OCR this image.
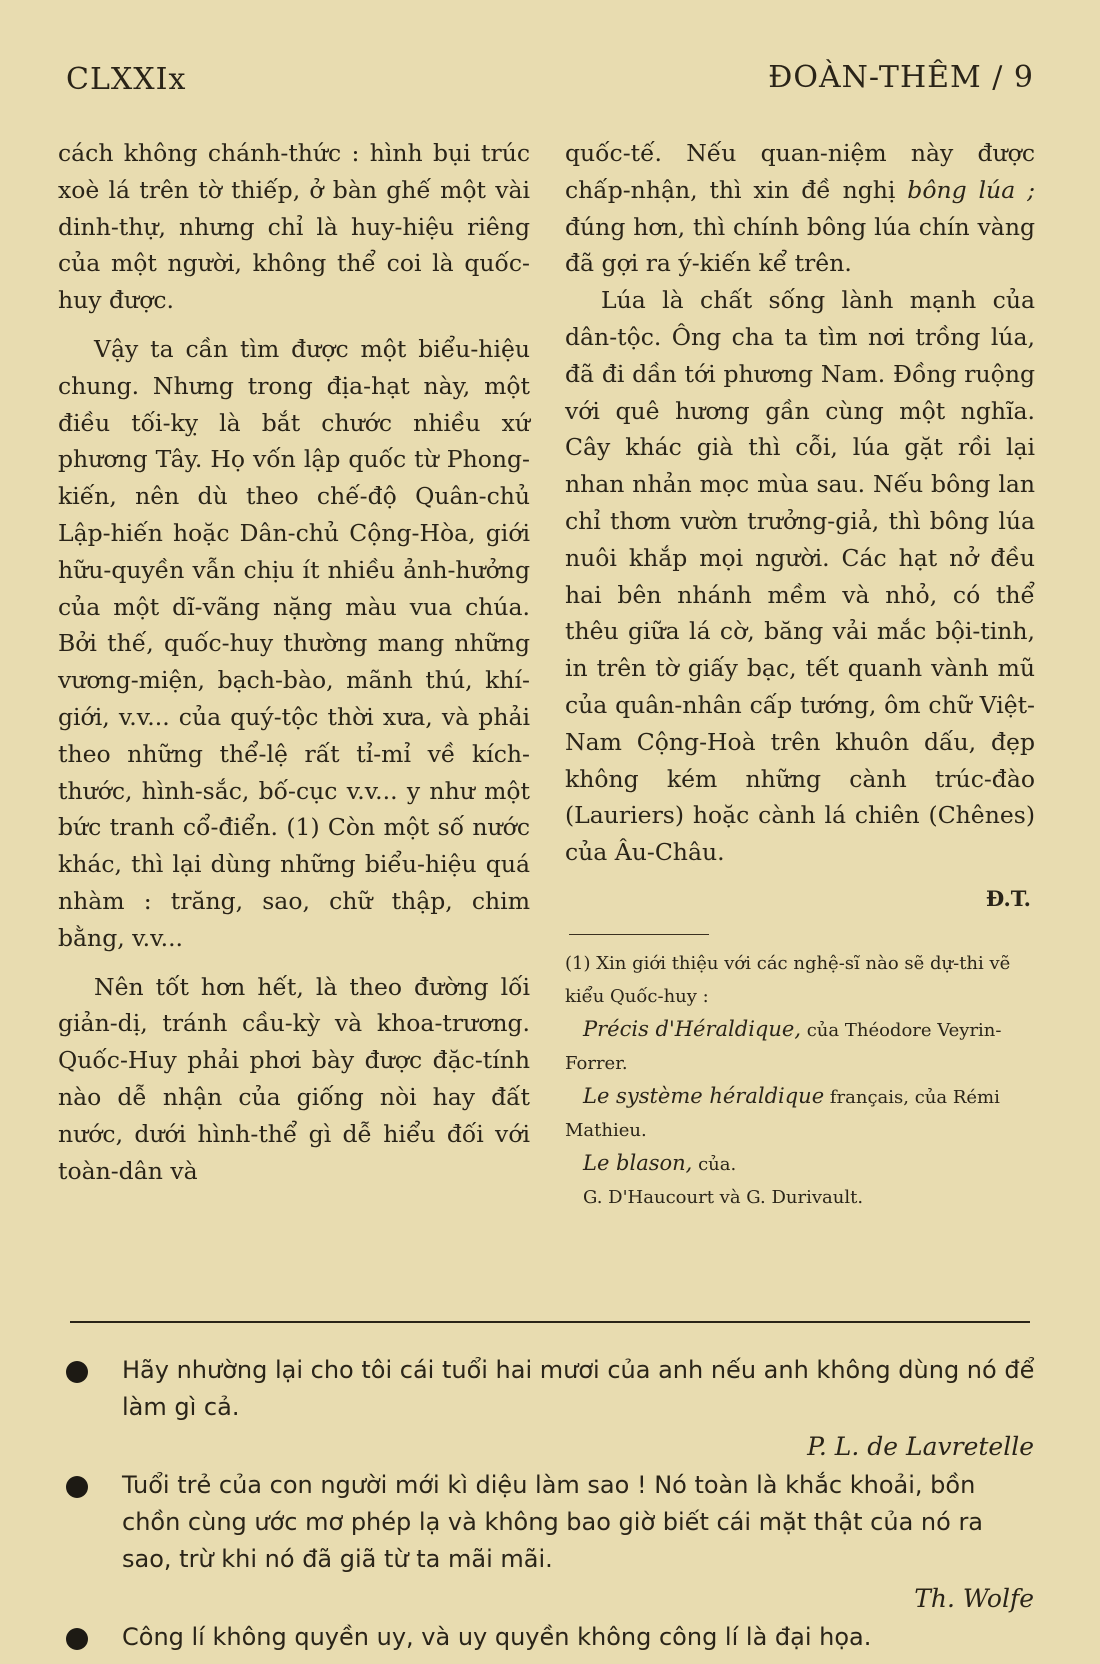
CLXXIx	ĐOÀN-THÊM / 9

cách không chánh-thức : hình bụi trúc xoè lá trên tờ thiếp, ở bàn ghế một vài dinh-thự, nhưng chỉ là huy-hiệu riêng của một người, không thể coi là quốc-huy được.

Vậy ta cần tìm được một biểu-hiệu chung. Nhưng trong địa-hạt này, một điều tối-kỵ là bắt chước nhiều xứ phương Tây. Họ vốn lập quốc từ Phong-kiến, nên dù theo chế-độ Quân-chủ Lập-hiến hoặc Dân-chủ Cộng-Hòa, giới hữu-quyền vẫn chịu ít nhiều ảnh-hưởng của một dĩ-vãng nặng màu vua chúa. Bởi thế, quốc-huy thường mang những vương-miện, bạch-bào, mãnh thú, khí-giới, v.v... của quý-tộc thời xưa, và phải theo những thể-lệ rất tỉ-mỉ về kích-thước, hình-sắc, bố-cục v.v... y như một bức tranh cổ-điển. (1) Còn một số nước khác, thì lại dùng những biểu-hiệu quá nhàm : trăng, sao, chữ thập, chim bằng, v.v...

Nên tốt hơn hết, là theo đường lối giản-dị, tránh cầu-kỳ và khoa-trương. Quốc-Huy phải phơi bày được đặc-tính nào dễ nhận của giống nòi hay đất nước, dưới hình-thể gì dễ hiểu đối với toàn-dân và

quốc-tế. Nếu quan-niệm này được chấp-nhận, thì xin đề nghị bông lúa ; đúng hơn, thì chính bông lúa chín vàng đã gợi ra ý-kiến kể trên.

Lúa là chất sống lành mạnh của dân-tộc. Ông cha ta tìm nơi trồng lúa, đã đi dần tới phương Nam. Đồng ruộng với quê hương gần cùng một nghĩa. Cây khác già thì cỗi, lúa gặt rồi lại nhan nhản mọc mùa sau. Nếu bông lan chỉ thơm vườn trưởng-giả, thì bông lúa nuôi khắp mọi người. Các hạt nở đều hai bên nhánh mềm và nhỏ, có thể thêu giữa lá cờ, băng vải mắc bội-tinh, in trên tờ giấy bạc, tết quanh vành mũ của quân-nhân cấp tướng, ôm chữ Việt-Nam Cộng-Hoà trên khuôn dấu, đẹp không kém những cành trúc-đào (Lauriers) hoặc cành lá chiên (Chênes) của Âu-Châu.

Đ.T.

(1) Xin giới thiệu với các nghệ-sĩ nào sẽ dự-thi vẽ kiểu Quốc-huy :
Précis d'Héraldique, của Théodore Veyrin-Forrer.
Le système héraldique français, của Rémi Mathieu.
Le blason, của.
G. D'Haucourt và G. Durivault.
Hãy nhường lại cho tôi cái tuổi hai mươi của anh nếu anh không dùng nó để làm gì cả.
P. L. de Lavretelle
Tuổi trẻ của con người mới kì diệu làm sao ! Nó toàn là khắc khoải, bồn chồn cùng ước mơ phép lạ và không bao giờ biết cái mặt thật của nó ra sao, trừ khi nó đã giã từ ta mãi mãi.
Th. Wolfe
Công lí không quyền uy, và uy quyền không công lí là đại họa.
